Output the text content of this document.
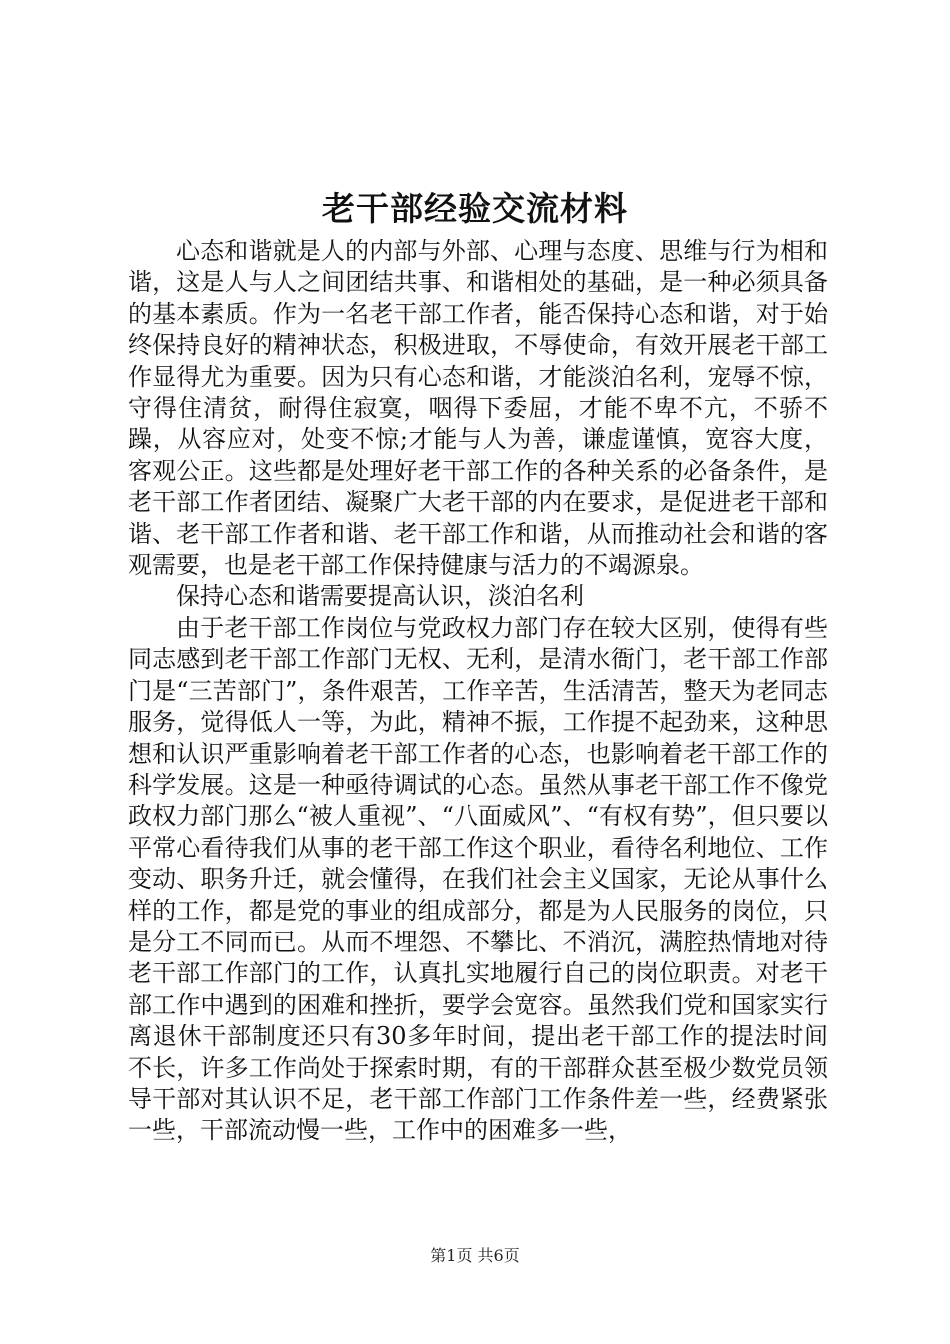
老干部经验交流材料

心态和谐就是人的内部与外部、心理与态度、思维与行为相和谐，这是人与人之间团结共事、和谐相处的基础，是一种必须具备的基本素质。作为一名老干部工作者，能否保持心态和谐，对于始终保持良好的精神状态，积极进取，不辱使命，有效开展老干部工作显得尤为重要。因为只有心态和谐，才能淡泊名利，宠辱不惊，守得住清贫，耐得住寂寞，咽得下委屈，才能不卑不亢，不骄不躁，从容应对，处变不惊;才能与人为善，谦虚谨慎，宽容大度，客观公正。这些都是处理好老干部工作的各种关系的必备条件，是老干部工作者团结、凝聚广大老干部的内在要求，是促进老干部和谐、老干部工作者和谐、老干部工作和谐，从而推动社会和谐的客观需要，也是老干部工作保持健康与活力的不竭源泉。

保持心态和谐需要提高认识，淡泊名利

由于老干部工作岗位与党政权力部门存在较大区别，使得有些同志感到老干部工作部门无权、无利，是清水衙门，老干部工作部门是“三苦部门”，条件艰苦，工作辛苦，生活清苦，整天为老同志服务，觉得低人一等，为此，精神不振，工作提不起劲来，这种思想和认识严重影响着老干部工作者的心态，也影响着老干部工作的科学发展。这是一种亟待调试的心态。虽然从事老干部工作不像党政权力部门那么“被人重视”、“八面威风”、“有权有势”，但只要以平常心看待我们从事的老干部工作这个职业，看待名利地位、工作变动、职务升迁，就会懂得，在我们社会主义国家，无论从事什么样的工作，都是党的事业的组成部分，都是为人民服务的岗位，只是分工不同而已。从而不埋怨、不攀比、不消沉，满腔热情地对待老干部工作部门的工作，认真扎实地履行自己的岗位职责。对老干部工作中遇到的困难和挫折，要学会宽容。虽然我们党和国家实行离退休干部制度还只有30多年时间，提出老干部工作的提法时间不长，许多工作尚处于探索时期，有的干部群众甚至极少数党员领导干部对其认识不足，老干部工作部门工作条件差一些，经费紧张一些，干部流动慢一些，工作中的困难多一些，

第1页 共6页
